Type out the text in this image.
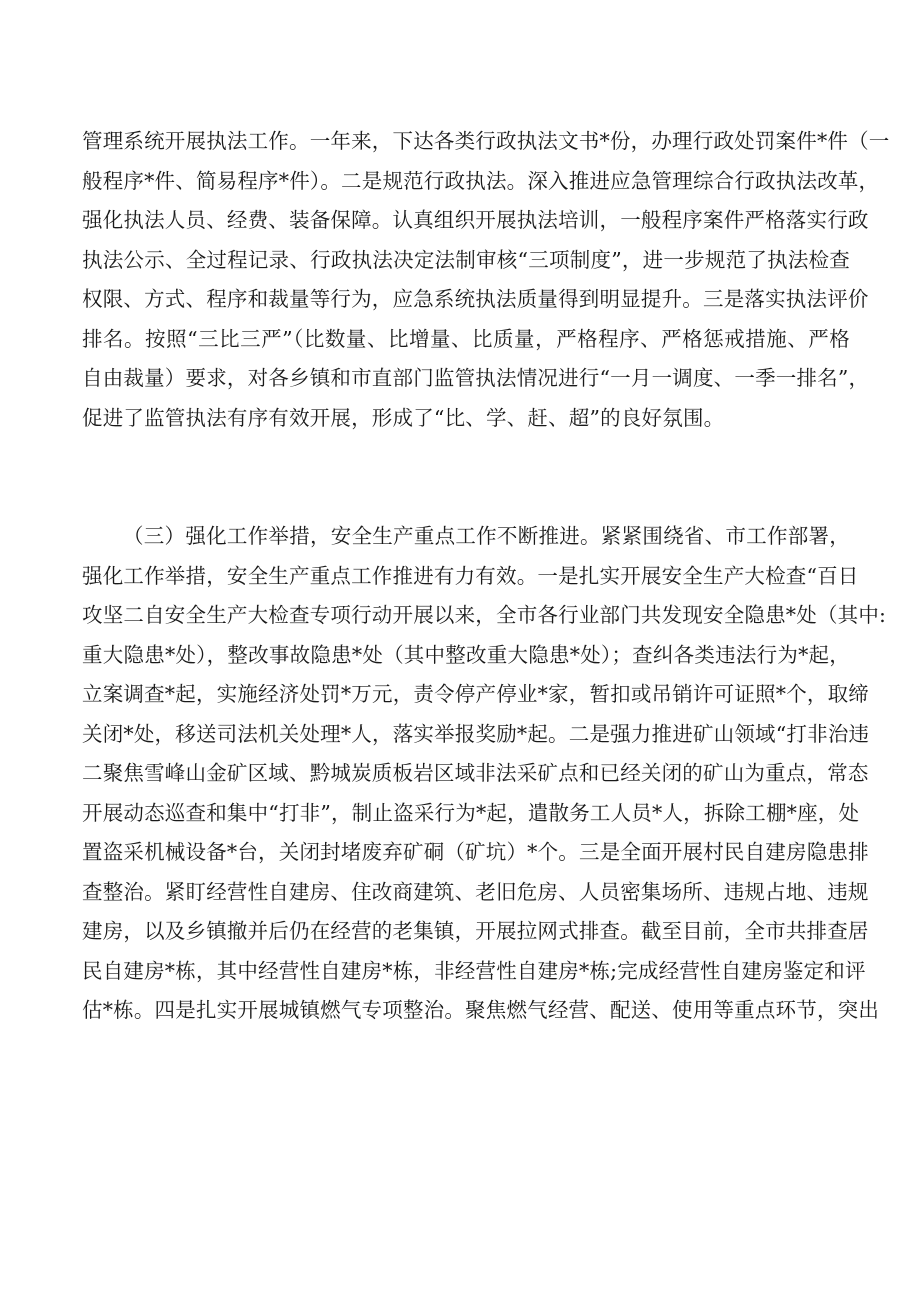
管理系统开展执法工作。一年来，下达各类行政执法文书*份，办理行政处罚案件*件（一
般程序*件、简易程序*件）。二是规范行政执法。深入推进应急管理综合行政执法改革，
强化执法人员、经费、装备保障。认真组织开展执法培训，一般程序案件严格落实行政
执法公示、全过程记录、行政执法决定法制审核“三项制度”，进一步规范了执法检查
权限、方式、程序和裁量等行为，应急系统执法质量得到明显提升。三是落实执法评价
排名。按照“三比三严”（比数量、比增量、比质量，严格程序、严格惩戒措施、严格
自由裁量）要求，对各乡镇和市直部门监管执法情况进行“一月一调度、一季一排名”，
促进了监管执法有序有效开展，形成了“比、学、赶、超”的良好氛围。
（三）强化工作举措，安全生产重点工作不断推进。紧紧围绕省、市工作部署，
强化工作举措，安全生产重点工作推进有力有效。一是扎实开展安全生产大检查“百日
攻坚二自安全生产大检查专项行动开展以来，全市各行业部门共发现安全隐患*处（其中:
重大隐患*处），整改事故隐患*处（其中整改重大隐患*处）；查纠各类违法行为*起，
立案调查*起，实施经济处罚*万元，责令停产停业*家，暂扣或吊销许可证照*个，取缔
关闭*处，移送司法机关处理*人，落实举报奖励*起。二是强力推进矿山领域“打非治违
二聚焦雪峰山金矿区域、黔城炭质板岩区域非法采矿点和已经关闭的矿山为重点，常态
开展动态巡查和集中“打非”，制止盗采行为*起，遣散务工人员*人，拆除工棚*座，处
置盗采机械设备*台，关闭封堵废弃矿硐（矿坑）*个。三是全面开展村民自建房隐患排
查整治。紧盯经营性自建房、住改商建筑、老旧危房、人员密集场所、违规占地、违规
建房，以及乡镇撤并后仍在经营的老集镇，开展拉网式排查。截至目前，全市共排查居
民自建房*栋，其中经营性自建房*栋，非经营性自建房*栋;完成经营性自建房鉴定和评
估*栋。四是扎实开展城镇燃气专项整治。聚焦燃气经营、配送、使用等重点环节，突出
